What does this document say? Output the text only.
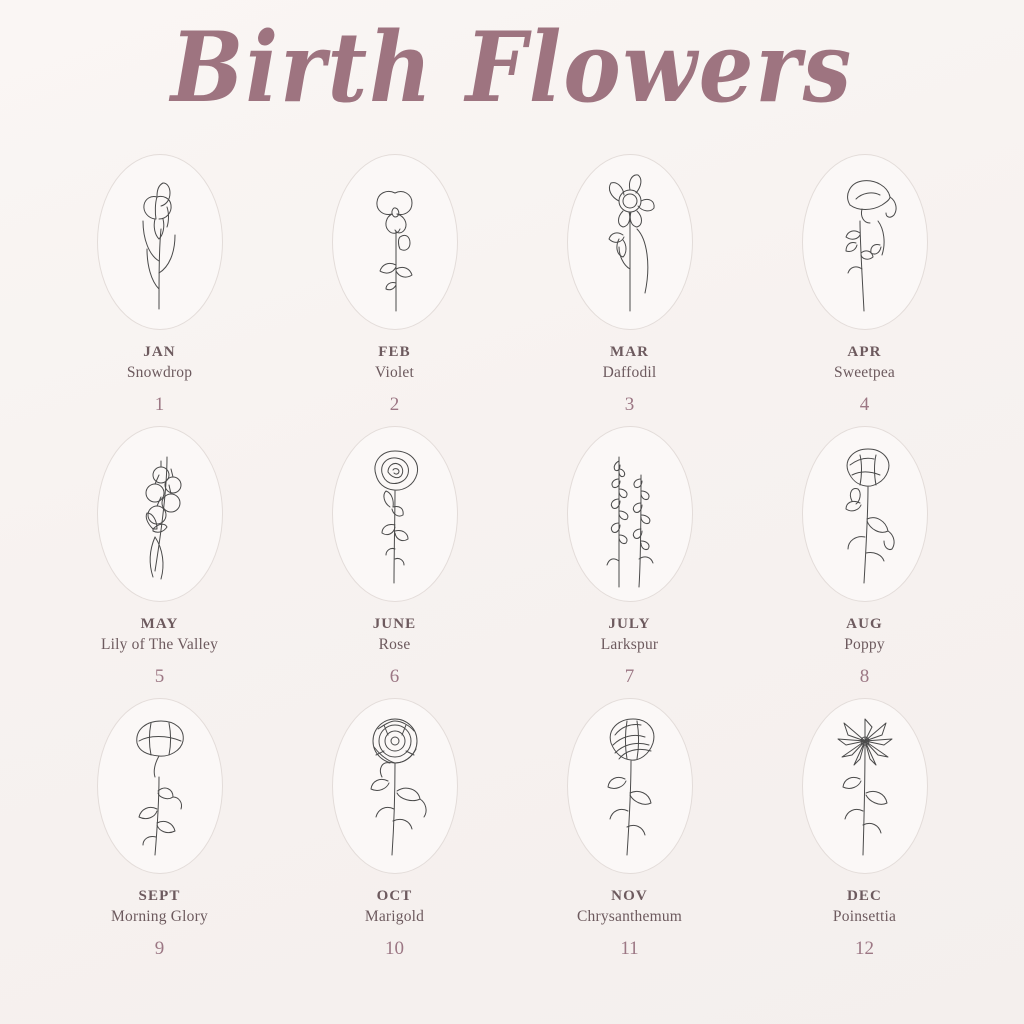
Birth Flowers
JAN
Snowdrop
1
FEB
Violet
2
MAR
Daffodil
3
APR
Sweetpea
4
MAY
Lily of The Valley
5
JUNE
Rose
6
JULY
Larkspur
7
AUG
Poppy
8
SEPT
Morning Glory
9
OCT
Marigold
10
NOV
Chrysanthemum
11
DEC
Poinsettia
12
